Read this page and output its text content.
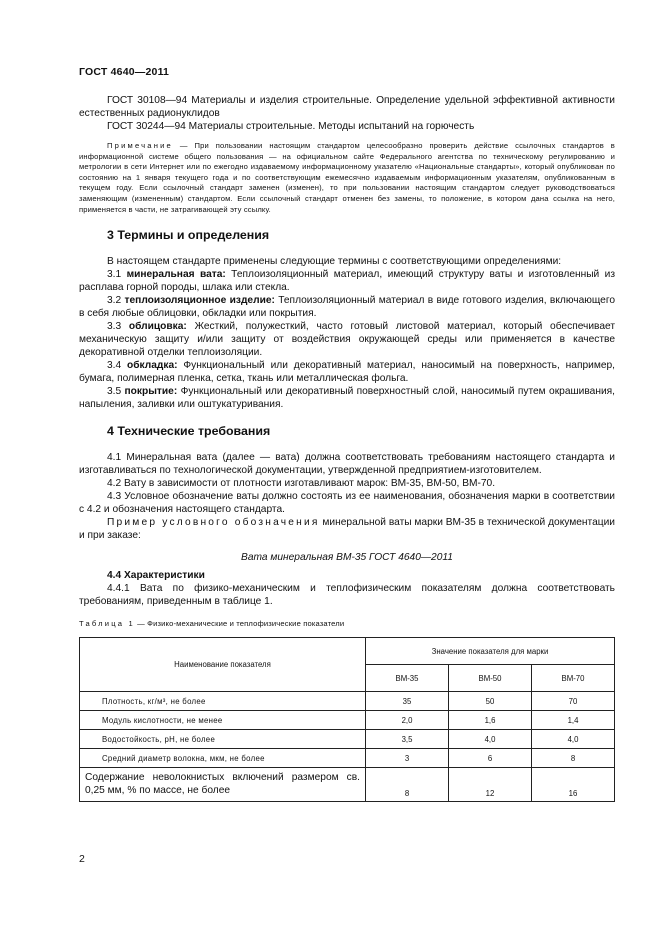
ГОСТ 4640—2011

ГОСТ 30108—94 Материалы и изделия строительные. Определение удельной эффективной активности естественных радионуклидов

ГОСТ 30244—94 Материалы строительные. Методы испытаний на горючесть

Примечание — При пользовании настоящим стандартом целесообразно проверить действие ссылочных стандартов в информационной системе общего пользования — на официальном сайте Федерального агентства по техническому регулированию и метрологии в сети Интернет или по ежегодно издаваемому информационному указателю «Национальные стандарты», который опубликован по состоянию на 1 января текущего года и по соответствующим ежемесячно издаваемым информационным указателям, опубликованным в текущем году. Если ссылочный стандарт заменен (изменен), то при пользовании настоящим стандартом следует руководствоваться заменяющим (измененным) стандартом. Если ссылочный стандарт отменен без замены, то положение, в котором дана ссылка на него, применяется в части, не затрагивающей эту ссылку.

3 Термины и определения

В настоящем стандарте применены следующие термины с соответствующими определениями:

3.1 минеральная вата: Теплоизоляционный материал, имеющий структуру ваты и изготовленный из расплава горной породы, шлака или стекла.

3.2 теплоизоляционное изделие: Теплоизоляционный материал в виде готового изделия, включающего в себя любые облицовки, обкладки или покрытия.

3.3 облицовка: Жесткий, полужесткий, часто готовый листовой материал, который обеспечивает механическую защиту и/или защиту от воздействия окружающей среды или применяется в качестве декоративной отделки теплоизоляции.

3.4 обкладка: Функциональный или декоративный материал, наносимый на поверхность, например, бумага, полимерная пленка, сетка, ткань или металлическая фольга.

3.5 покрытие: Функциональный или декоративный поверхностный слой, наносимый путем окрашивания, напыления, заливки или оштукатуривания.

4 Технические требования

4.1 Минеральная вата (далее — вата) должна соответствовать требованиям настоящего стандарта и изготавливаться по технологической документации, утвержденной предприятием-изготовителем.

4.2 Вату в зависимости от плотности изготавливают марок: ВМ-35, ВМ-50, ВМ-70.

4.3 Условное обозначение ваты должно состоять из ее наименования, обозначения марки в соответствии с 4.2 и обозначения настоящего стандарта.

Пример условного обозначения минеральной ваты марки ВМ-35 в технической документации и при заказе:

Вата минеральная ВМ-35 ГОСТ 4640—2011

4.4 Характеристики

4.4.1 Вата по физико-механическим и теплофизическим показателям должна соответствовать требованиям, приведенным в таблице 1.

Таблица 1 — Физико-механические и теплофизические показатели

Наименование показателя	Значение показателя для марки		
	ВМ-35	ВМ-50	ВМ-70
Плотность, кг/м³, не более	35	50	70
Модуль кислотности, не менее	2,0	1,6	1,4
Водостойкость, pH, не более	3,5	4,0	4,0
Средний диаметр волокна, мкм, не более	3	6	8
Содержание неволокнистых включений размером св. 0,25 мм, % по массе, не более	8	12	16
2
